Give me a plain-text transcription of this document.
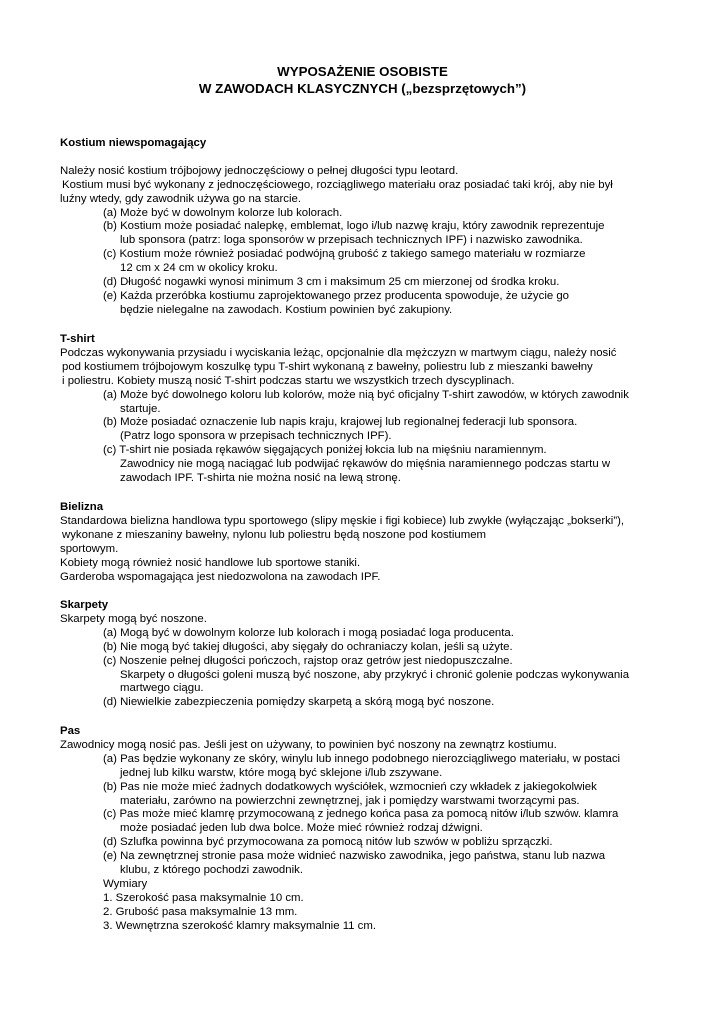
WYPOSAŻENIE OSOBISTE
W ZAWODACH KLASYCZNYCH („bezsprzętowych”)
Kostium niewspomagający
Należy nosić kostium trójbojowy jednoczęściowy o pełnej długości typu leotard.
Kostium musi być wykonany z jednoczęściowego, rozciągliwego materiału oraz posiadać taki krój, aby nie był
luźny wtedy, gdy zawodnik używa go na starcie.
(a) Może być w dowolnym kolorze lub kolorach.
(b) Kostium może posiadać nalepkę, emblemat, logo i/lub nazwę kraju, który zawodnik reprezentuje
lub sponsora (patrz: loga sponsorów w przepisach technicznych IPF) i nazwisko zawodnika.
(c) Kostium może również posiadać podwójną grubość z takiego samego materiału w rozmiarze
12 cm x 24 cm w okolicy kroku.
(d) Długość nogawki wynosi minimum 3 cm i maksimum 25 cm mierzonej od środka kroku.
(e) Każda przeróbka kostiumu zaprojektowanego przez producenta spowoduje, że użycie go
będzie nielegalne na zawodach. Kostium powinien być zakupiony.
T-shirt
Podczas wykonywania przysiadu i wyciskania leżąc, opcjonalnie dla mężczyzn w martwym ciągu, należy nosić
pod kostiumem trójbojowym koszulkę typu T-shirt wykonaną z bawełny, poliestru lub z mieszanki bawełny
i poliestru. Kobiety muszą nosić T-shirt podczas startu we wszystkich trzech dyscyplinach.
(a) Może być dowolnego koloru lub kolorów, może nią być oficjalny T-shirt zawodów, w których zawodnik
startuje.
(b) Może posiadać oznaczenie lub napis kraju, krajowej lub regionalnej federacji lub sponsora.
(Patrz logo sponsora w przepisach technicznych IPF).
(c) T-shirt nie posiada rękawów sięgających poniżej łokcia lub na mięśniu naramiennym.
Zawodnicy nie mogą naciągać lub podwijać rękawów do mięśnia naramiennego podczas startu w
zawodach IPF. T-shirta nie można nosić na lewą stronę.
Bielizna
Standardowa bielizna handlowa typu sportowego (slipy męskie i figi kobiece) lub zwykłe (wyłączając „bokserki”),
wykonane z mieszaniny bawełny, nylonu lub poliestru będą noszone pod kostiumem
sportowym.
Kobiety mogą również nosić handlowe lub sportowe staniki.
Garderoba wspomagająca jest niedozwolona na zawodach IPF.
Skarpety
Skarpety mogą być noszone.
(a) Mogą być w dowolnym kolorze lub kolorach i mogą posiadać loga producenta.
(b) Nie mogą być takiej długości, aby sięgały do ochraniaczy kolan, jeśli są użyte.
(c) Noszenie pełnej długości pończoch, rajstop oraz getrów jest niedopuszczalne.
Skarpety o długości goleni muszą być noszone, aby przykryć i chronić golenie podczas wykonywania
martwego ciągu.
(d) Niewielkie zabezpieczenia pomiędzy skarpetą a skórą mogą być noszone.
Pas
Zawodnicy mogą nosić pas. Jeśli jest on używany, to powinien być noszony na zewnątrz kostiumu.
(a) Pas będzie wykonany ze skóry, winylu lub innego podobnego nierozciągliwego materiału, w postaci
jednej lub kilku warstw, które mogą być sklejone i/lub zszywane.
(b) Pas nie może mieć żadnych dodatkowych wyściółek, wzmocnień czy wkładek z jakiegokolwiek
materiału, zarówno na powierzchni zewnętrznej, jak i pomiędzy warstwami tworzącymi pas.
(c) Pas może mieć klamrę przymocowaną z jednego końca pasa za pomocą nitów i/lub szwów. klamra
może posiadać jeden lub dwa bolce. Może mieć również rodzaj dźwigni.
(d) Szlufka powinna być przymocowana za pomocą nitów lub szwów w pobliżu sprzączki.
(e) Na zewnętrznej stronie pasa może widnieć nazwisko zawodnika, jego państwa, stanu lub nazwa
klubu, z którego pochodzi zawodnik.
Wymiary
1. Szerokość pasa maksymalnie 10 cm.
2. Grubość pasa maksymalnie 13 mm.
3. Wewnętrzna szerokość klamry maksymalnie 11 cm.
